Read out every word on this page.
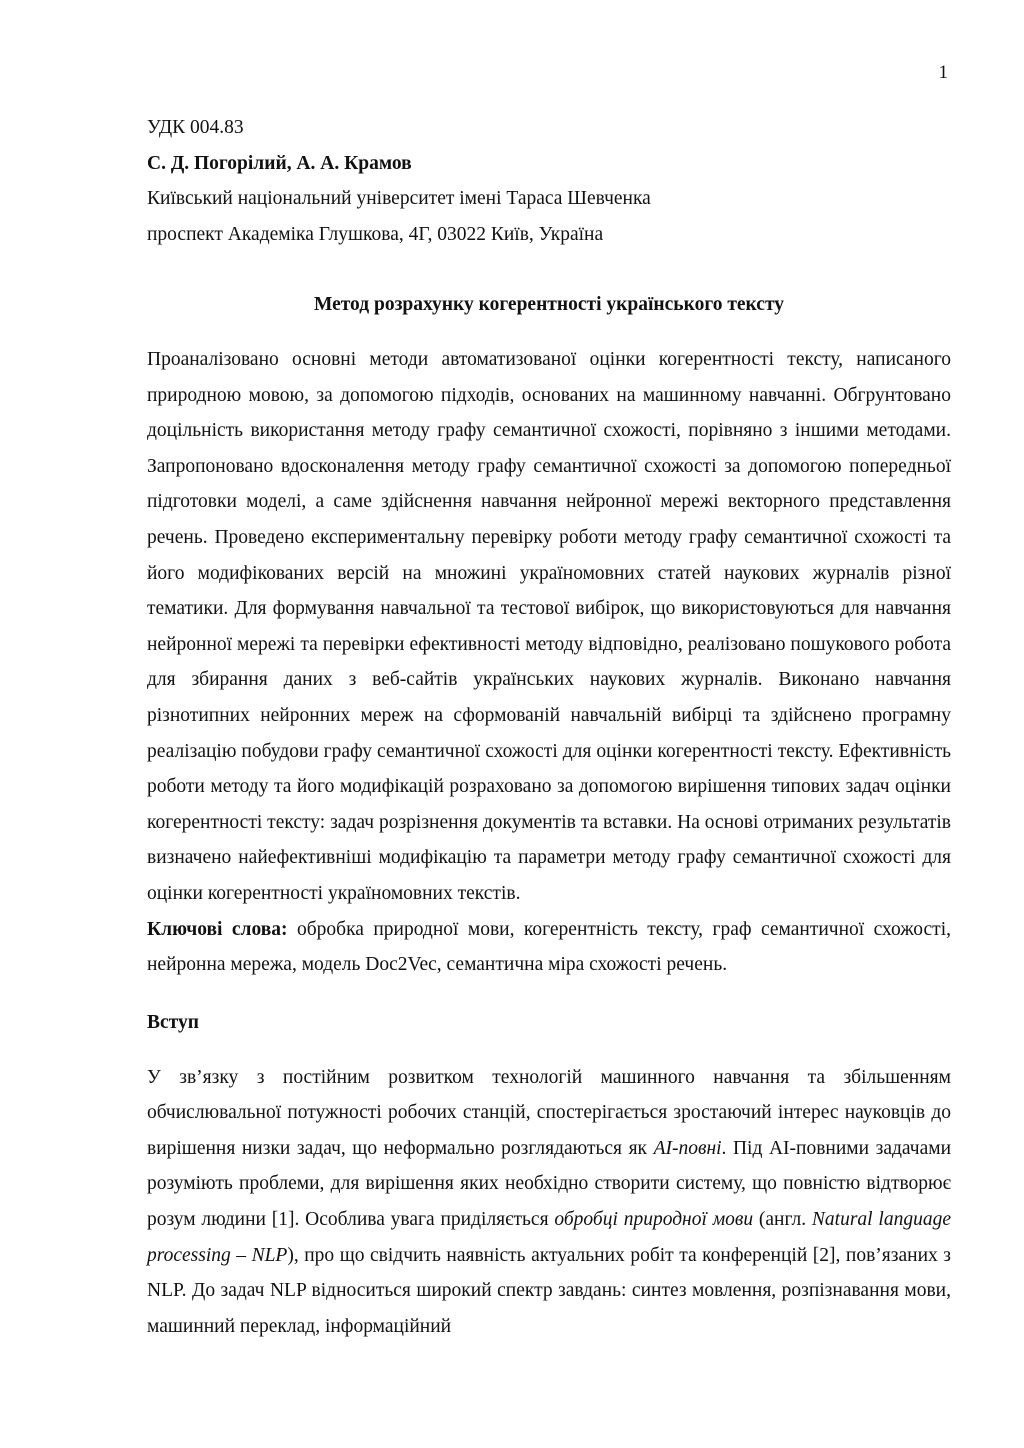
1

УДК 004.83

С. Д. Погорілий, А. А. Крамов

Київський національний університет імені Тараса Шевченка

проспект Академіка Глушкова, 4Г, 03022 Київ, Україна

Метод розрахунку когерентності українського тексту

Проаналізовано основні методи автоматизованої оцінки когерентності тексту, написаного природною мовою, за допомогою підходів, основаних на машинному навчанні. Обгрунтовано доцільність використання методу графу семантичної схожості, порівняно з іншими методами. Запропоновано вдосконалення методу графу семантичної схожості за допомогою попередньої підготовки моделі, а саме здійснення навчання нейронної мережі векторного представлення речень. Проведено експериментальну перевірку роботи методу графу семантичної схожості та його модифікованих версій на множині україномовних статей наукових журналів різної тематики. Для формування навчальної та тестової вибірок, що використовуються для навчання нейронної мережі та перевірки ефективності методу відповідно, реалізовано пошукового робота для збирання даних з веб-сайтів українських наукових журналів. Виконано навчання різнотипних нейронних мереж на сформованій навчальній вибірці та здійснено програмну реалізацію побудови графу семантичної схожості для оцінки когерентності тексту. Ефективність роботи методу та його модифікацій розраховано за допомогою вирішення типових задач оцінки когерентності тексту: задач розрізнення документів та вставки. На основі отриманих результатів визначено найефективніші модифікацію та параметри методу графу семантичної схожості для оцінки когерентності україномовних текстів.

Ключові слова: обробка природної мови, когерентність тексту, граф семантичної схожості, нейронна мережа, модель Doc2Vec, семантична міра схожості речень.

Вступ

У зв’язку з постійним розвитком технологій машинного навчання та збільшенням обчислювальної потужності робочих станцій, спостерігається зростаючий інтерес науковців до вирішення низки задач, що неформально розглядаються як AI-повні. Під AI-повними задачами розуміють проблеми, для вирішення яких необхідно створити систему, що повністю відтворює розум людини [1]. Особлива увага приділяється обробці природної мови (англ. Natural language processing – NLP), про що свідчить наявність актуальних робіт та конференцій [2], пов’язаних з NLP. До задач NLP відноситься широкий спектр завдань: синтез мовлення, розпізнавання мови, машинний переклад, інформаційний
